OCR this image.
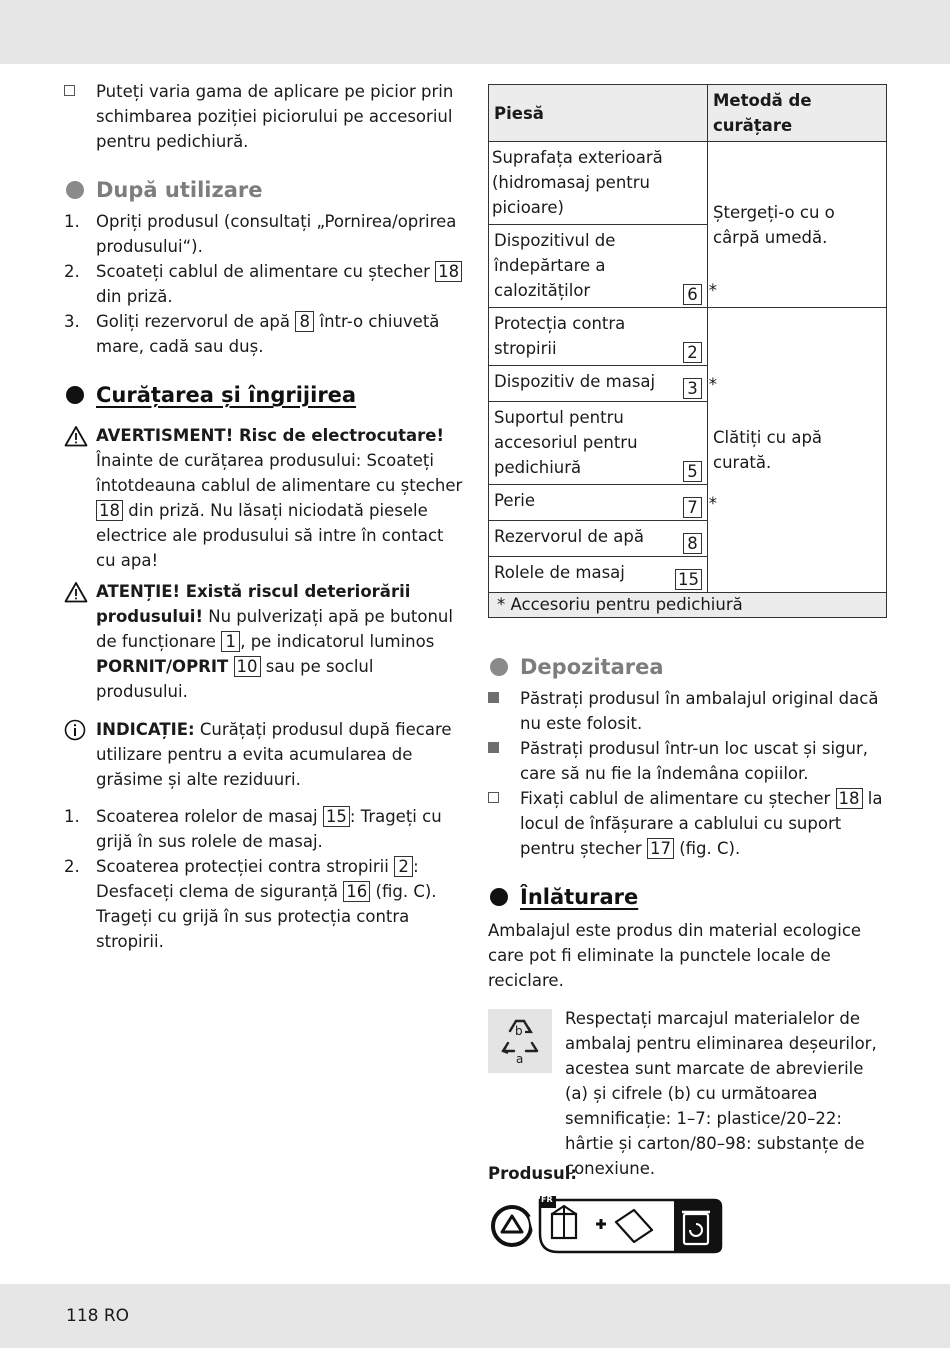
Puteți varia gama de aplicare pe picior prin schimbarea poziției piciorului pe accesoriul pentru pedichiură.

După utilizare
1. Opriți produsul (consultați „Pornirea/oprirea produsului“).

2. Scoateți cablul de alimentare cu ștecher 18 din priză.

3. Goliți rezervorul de apă 8 într-o chiuvetă mare, cadă sau duș.

Curățarea și îngrijirea

AVERTISMENT! Risc de electrocutare!
Înainte de curățarea produsului: Scoateți întotdeauna cablul de alimentare cu ștecher 18 din priză. Nu lăsați niciodată piesele electrice ale produsului să intre în contact cu apa!

ATENȚIE! Există riscul deteriorării produsului! Nu pulverizați apă pe butonul de funcționare 1 , pe indicatorul luminos PORNIT/OPRIT 10 sau pe soclul produsului.

INDICAȚIE: Curățați produsul după fiecare utilizare pentru a evita acumularea de grăsime și alte reziduuri.

1. Scoaterea rolelor de masaj 15 : Trageți cu grijă în sus rolele de masaj.

2. Scoaterea protecției contra stropirii 2 : Desfaceți clema de siguranță 16 (fig. C). Trageți cu grijă în sus protecția contra stropirii.

Piesă	Metodă de curățare
Suprafața exterioară (hidromasaj pentru picioare)	Ștergeți-o cu o cârpă umedă.
Dispozitivul de îndepărtare a calozităților 6 *	

Protecția contra stropirii 2	Clătiți cu apă curată.
Dispozitiv de masaj 3 *	

Suportul pentru accesoriul pentru pedichiură 5	

Perie 7 *	

Rezervorul de apă 8	

Rolele de masaj 15	

* Accesoriu pentru pedichiură	
Depozitarea

Păstrați produsul în ambalajul original dacă nu este folosit.

Păstrați produsul într-un loc uscat și sigur, care să nu fie la îndemâna copiilor.

Fixați cablul de alimentare cu ștecher 18 la locul de înfășurare a cablului cu suport pentru ștecher 17 (fig. C).

Înlăturare

Ambalajul este produs din material ecologice care pot fi eliminate la punctele locale de reciclare.

b
a

Respectați marcajul materialelor de ambalaj pentru eliminarea deșeurilor, acestea sunt marcate de abrevierile (a) și cifrele (b) cu următoarea semnificație: 1–7: plastice/20–22: hârtie și carton/80–98: substanțe de conexiune.

Produsul:

FR
118 RO
